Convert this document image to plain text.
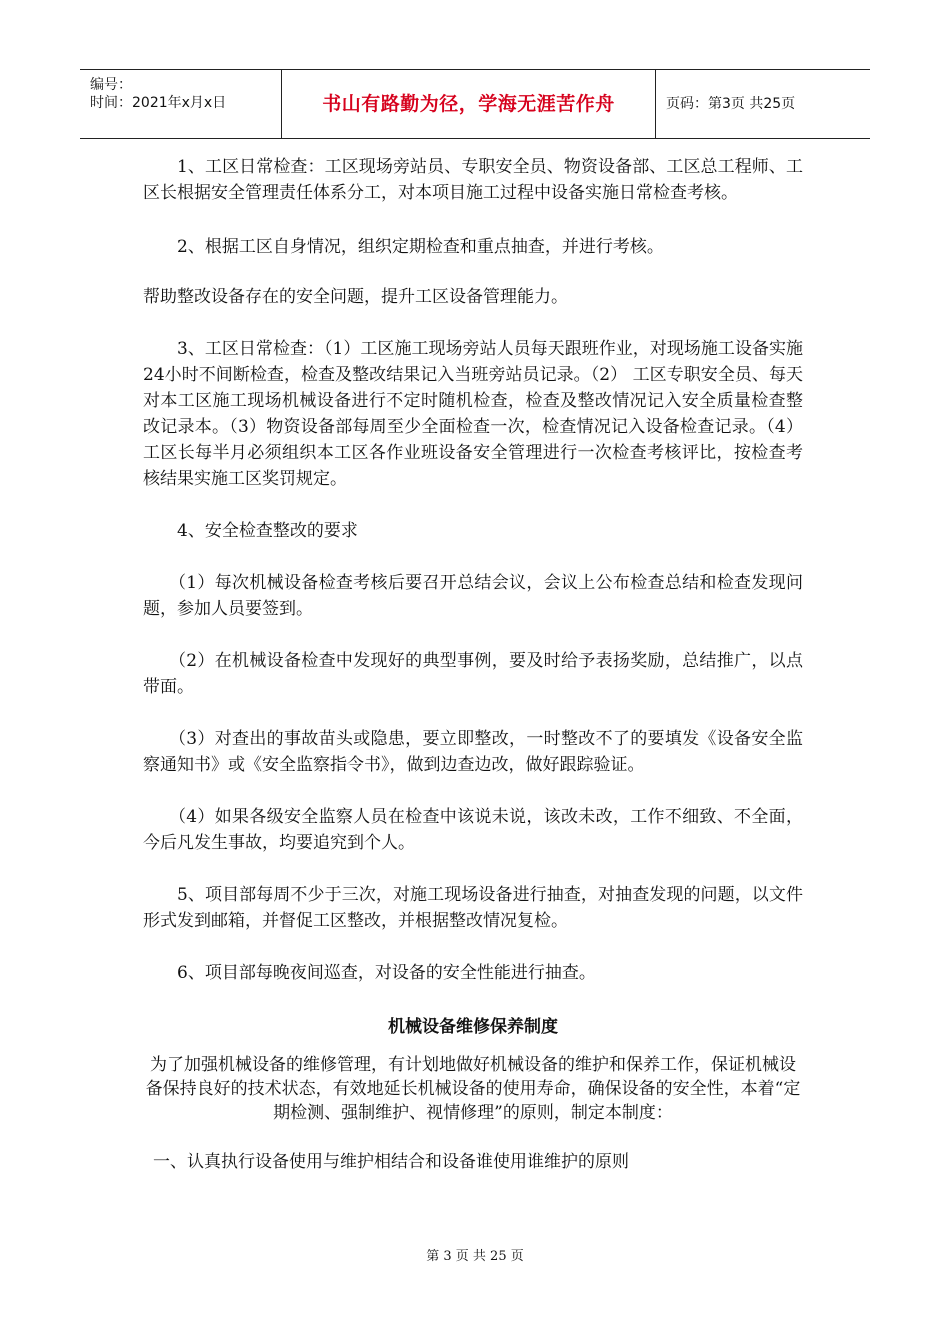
编号：
时间：2021年x月x日	书山有路勤为径，学海无涯苦作舟	页码：第3页 共25页

1、工区日常检查：工区现场旁站员、专职安全员、物资设备部、工区总工程师、工区长根据安全管理责任体系分工，对本项目施工过程中设备实施日常检查考核。

2、根据工区自身情况，组织定期检查和重点抽查，并进行考核。

帮助整改设备存在的安全问题，提升工区设备管理能力。

3、工区日常检查：（1）工区施工现场旁站人员每天跟班作业，对现场施工设备实施24小时不间断检查，检查及整改结果记入当班旁站员记录。（2） 工区专职安全员、每天对本工区施工现场机械设备进行不定时随机检查，检查及整改情况记入安全质量检查整改记录本。（3）物资设备部每周至少全面检查一次，检查情况记入设备检查记录。（4）工区长每半月必须组织本工区各作业班设备安全管理进行一次检查考核评比，按检查考核结果实施工区奖罚规定。

4、安全检查整改的要求

（1）每次机械设备检查考核后要召开总结会议，会议上公布检查总结和检查发现问题，参加人员要签到。

（2）在机械设备检查中发现好的典型事例，要及时给予表扬奖励，总结推广，以点带面。

（3）对查出的事故苗头或隐患，要立即整改，一时整改不了的要填发《设备安全监察通知书》或《安全监察指令书》，做到边查边改，做好跟踪验证。

（4）如果各级安全监察人员在检查中该说未说，该改未改，工作不细致、不全面，今后凡发生事故，均要追究到个人。

5、项目部每周不少于三次，对施工现场设备进行抽查，对抽查发现的问题，以文件形式发到邮箱，并督促工区整改，并根据整改情况复检。

6、项目部每晚夜间巡查，对设备的安全性能进行抽查。

机械设备维修保养制度

为了加强机械设备的维修管理，有计划地做好机械设备的维护和保养工作，保证机械设备保持良好的技术状态，有效地延长机械设备的使用寿命，确保设备的安全性，本着“定期检测、强制维护、视情修理”的原则，制定本制度：

一、认真执行设备使用与维护相结合和设备谁使用谁维护的原则

第 3 页 共 25 页
